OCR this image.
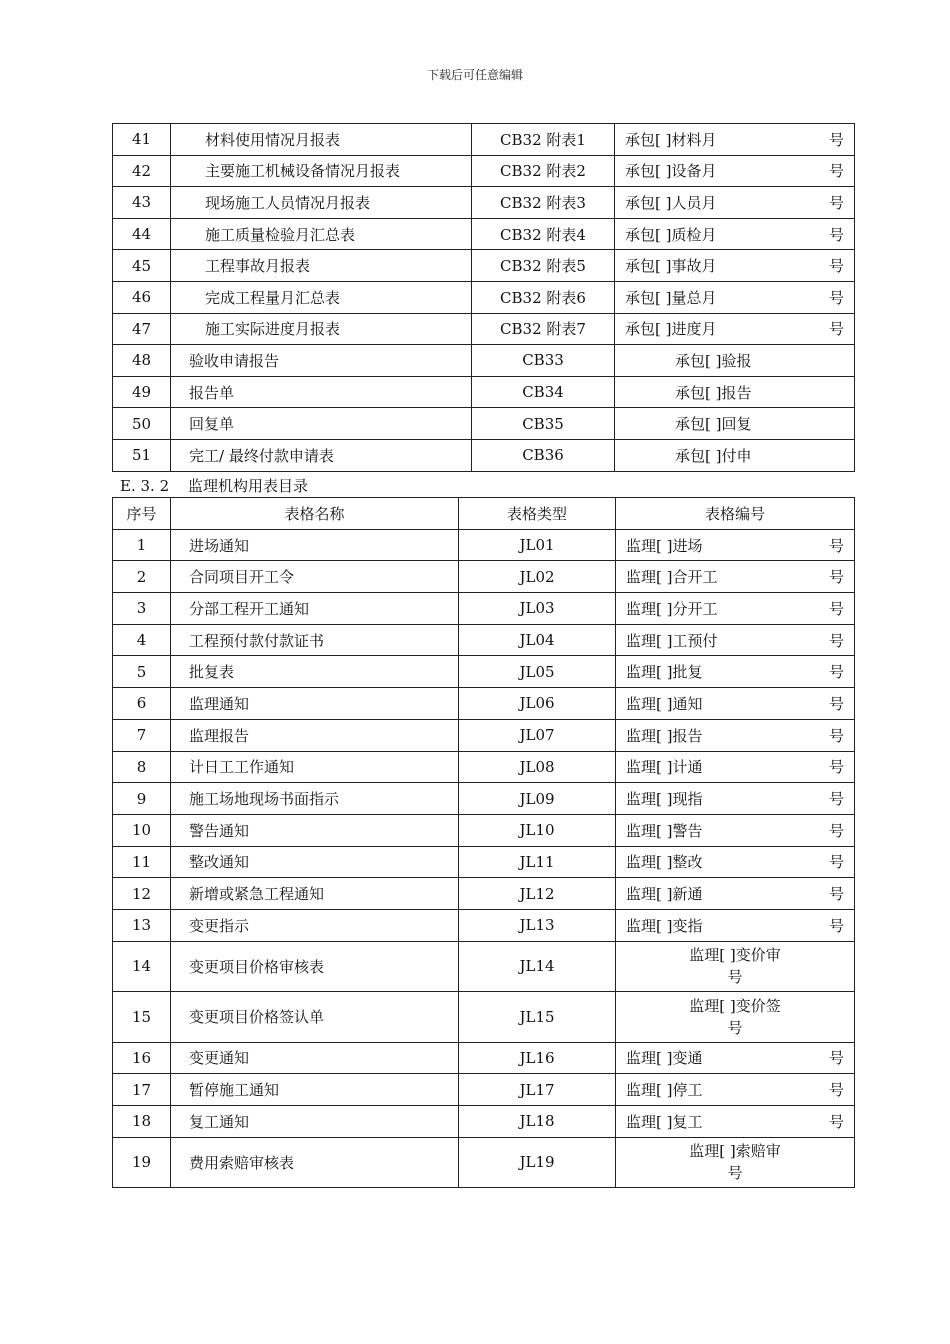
下载后可任意编辑
41	材料使用情况月报表	CB32 附表1	承包[ ]材料月 号

42	主要施工机械设备情况月报表	CB32 附表2	承包[ ]设备月 号

43	现场施工人员情况月报表	CB32 附表3	承包[ ]人员月 号

44	施工质量检验月汇总表	CB32 附表4	承包[ ]质检月 号

45	工程事故月报表	CB32 附表5	承包[ ]事故月 号

46	完成工程量月汇总表	CB32 附表6	承包[ ]量总月 号

47	施工实际进度月报表	CB32 附表7	承包[ ]进度月 号

48	验收申请报告	CB33	承包[ ]验报
49	报告单	CB34	承包[ ]报告
50	回复单	CB35	承包[ ]回复
51	完工/ 最终付款申请表	CB36	承包[ ]付申
E. 3. 2 监理机构用表目录
序号	表格名称	表格类型	表格编号
1	进场通知	JL01	监理[ ]进场 号

2	合同项目开工令	JL02	监理[ ]合开工 号

3	分部工程开工通知	JL03	监理[ ]分开工 号

4	工程预付款付款证书	JL04	监理[ ]工预付 号

5	批复表	JL05	监理[ ]批复 号

6	监理通知	JL06	监理[ ]通知 号

7	监理报告	JL07	监理[ ]报告 号

8	计日工工作通知	JL08	监理[ ]计通 号

9	施工场地现场书面指示	JL09	监理[ ]现指 号

10	警告通知	JL10	监理[ ]警告 号

11	整改通知	JL11	监理[ ]整改 号

12	新增或紧急工程通知	JL12	监理[ ]新通 号

13	变更指示	JL13	监理[ ]变指 号

14	变更项目价格审核表	JL14	监理[ ]变价审
号
15	变更项目价格签认单	JL15	监理[ ]变价签
号
16	变更通知	JL16	监理[ ]变通 号

17	暂停施工通知	JL17	监理[ ]停工 号

18	复工通知	JL18	监理[ ]复工 号

19	费用索赔审核表	JL19	监理[ ]索赔审
号
